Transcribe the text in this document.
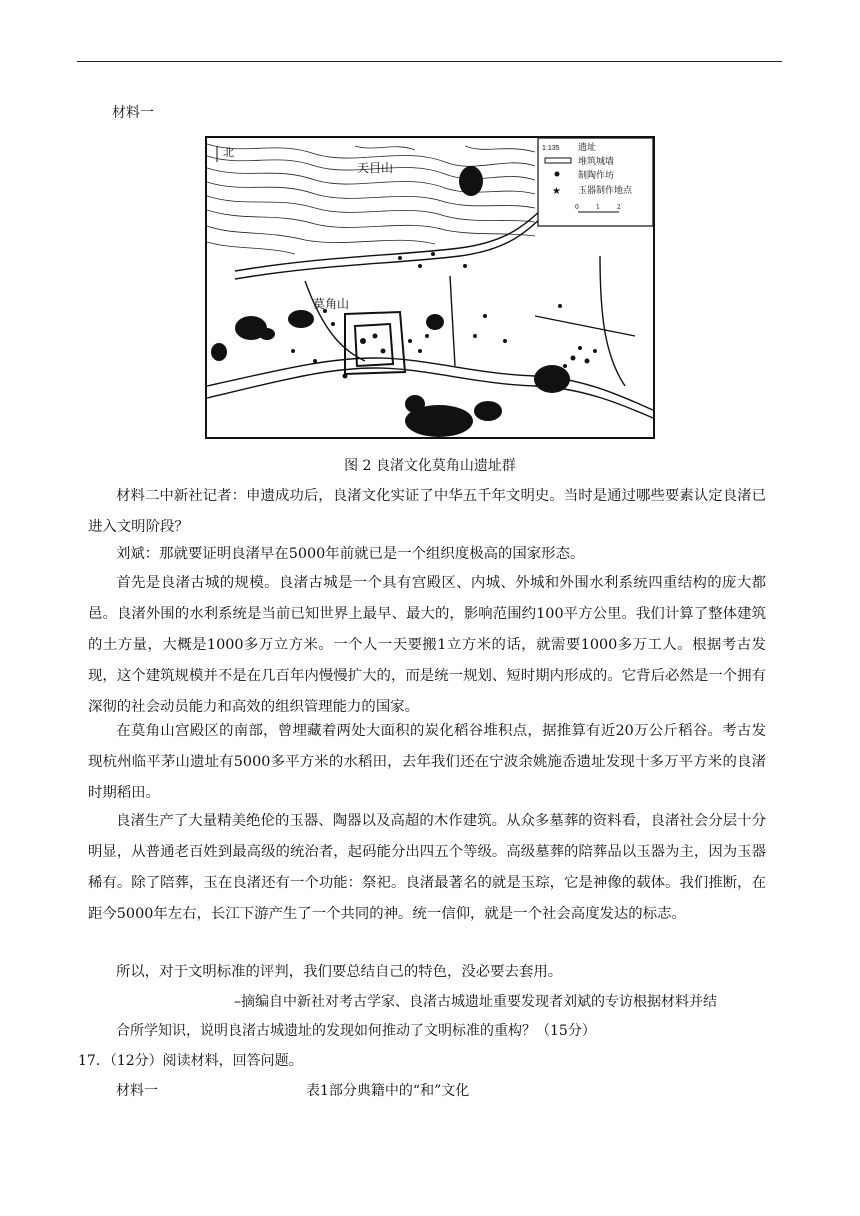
材料一
北
天目山
莫角山
1:135 遗址
堆筑城墙
制陶作坊
★ 玉器制作地点
0	1	2
图 2 良渚文化莫角山遗址群
材料二中新社记者：申遗成功后，良渚文化实证了中华五千年文明史。当时是通过哪些要素认定良渚已进入文明阶段？
刘斌：那就要证明良渚早在5000年前就已是一个组织度极高的国家形态。
首先是良渚古城的规模。良渚古城是一个具有宫殿区、内城、外城和外围水利系统四重结构的庞大都邑。良渚外围的水利系统是当前已知世界上最早、最大的，影响范围约100平方公里。我们计算了整体建筑的土方量，大概是1000多万立方米。一个人一天要搬1立方米的话，就需要1000多万工人。根据考古发现，这个建筑规模并不是在几百年内慢慢扩大的，而是统一规划、短时期内形成的。它背后必然是一个拥有深彻的社会动员能力和高效的组织管理能力的国家。
在莫角山宫殿区的南部，曾埋藏着两处大面积的炭化稻谷堆积点，据推算有近20万公斤稻谷。考古发现杭州临平茅山遗址有5000多平方米的水稻田，去年我们还在宁波余姚施岙遗址发现十多万平方米的良渚时期稻田。
良渚生产了大量精美绝伦的玉器、陶器以及高超的木作建筑。从众多墓葬的资料看，良渚社会分层十分明显，从普通老百姓到最高级的统治者，起码能分出四五个等级。高级墓葬的陪葬品以玉器为主，因为玉器稀有。除了陪葬，玉在良渚还有一个功能：祭祀。良渚最著名的就是玉琮，它是神像的载体。我们推断，在距今5000年左右，长江下游产生了一个共同的神。统一信仰，就是一个社会高度发达的标志。
所以，对于文明标准的评判，我们要总结自己的特色，没必要去套用。
–摘编自中新社对考古学家、良渚古城遗址重要发现者刘斌的专访根据材料并结
合所学知识，说明良渚古城遗址的发现如何推动了文明标准的重构？（15分）
17．（12分）阅读材料，回答问题。
材料一	表1部分典籍中的“和”文化
